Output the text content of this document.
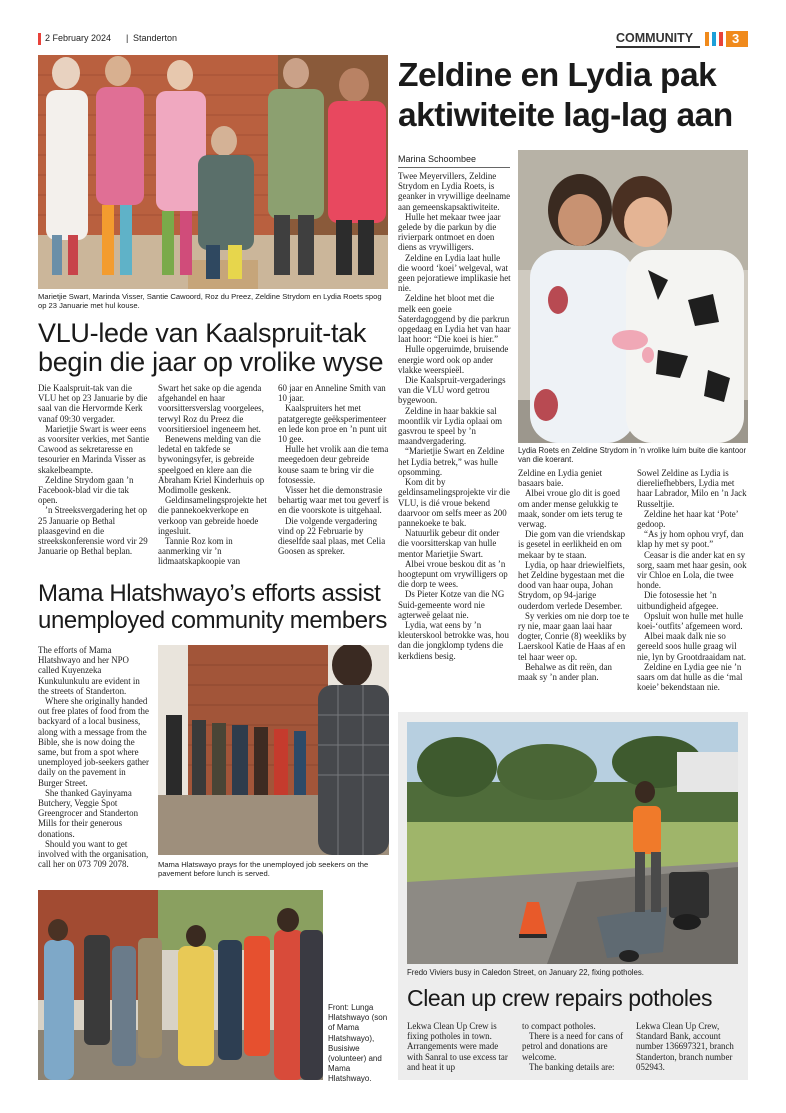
2 February 2024 | Standerton	COMMUNITY	3
Marietjie Swart, Marinda Visser, Santie Cawoord, Roz du Preez, Zeldine Strydom en Lydia Roets spog op 23 Januarie met hul kouse.
VLU-lede van Kaalspruit-tak
begin die jaar op vrolike wyse

Die Kaalspruit-tak van die VLU het op 23 Januarie by die saal van die Hervormde Kerk vanaf 09:30 vergader.

Marietjie Swart is weer eens as voorsiter verkies, met Santie Cawood as sekretaresse en tesourier en Marinda Visser as skakelbeampte.

Zeldine Strydom gaan ’n Facebook-blad vir die tak open.

’n Streeksvergadering het op 25 Januarie op Bethal plaasgevind en die streekskonferensie word vir 29 Januarie op Bethal beplan.

Swart het sake op die agenda afgehandel en haar voorsittersverslag voorgelees, terwyl Roz du Preez die voorsitiersioel ingeneem het.

Benewens melding van die ledetal en takfede se bywoningsyfer, is gebreide speelgoed en klere aan die Abraham Kriel Kinderhuis op Modimolle geskenk.

Geldinsamelingsprojekte het die pannekoekverkope en verkoop van gebreide hoede ingesluit.

Tannie Roz kom in aanmerking vir ’n lidmaatskapkoopie van

60 jaar en Anneline Smith van 10 jaar.

Kaalspruiters het met patatgeregte geëksperimenteer en lede kon proe en ’n punt uit 10 gee.

Hulle het vrolik aan die tema meegedoen deur gebreide kouse saam te bring vir die fotosessie.

Visser het die demonstrasie behartig waar met tou geverf is en die voorskote is uitgehaal.

Die volgende vergadering vind op 22 Februarie by dieselfde saal plaas, met Celia Goosen as spreker.

Mama Hlatshwayo’s efforts assist
unemployed community members

The efforts of Mama Hlatshwayo and her NPO called Kuyenzeka Kunkulunkulu are evident in the streets of Standerton.

Where she originally handed out free plates of food from the backyard of a local business, along with a message from the Bible, she is now doing the same, but from a spot where unemployed job-seekers gather daily on the pavement in Burger Street.

She thanked Gayinyama Butchery, Veggie Spot Greengrocer and Standerton Mills for their generous donations.

Should you want to get involved with the organisation, call her on 073 709 2078.	Mama Hlatswayo prays for the unemployed job seekers on the pavement before lunch is served.
Front: Lunga Hlatshwayo (son of Mama Hlatshwayo), Busisiwe (volunteer) and Mama Hlatshwayo.
Zeldine en Lydia pak
aktiwiteite lag-lag aan
Marina Schoombee

Twee Meyervillers, Zeldine Strydom en Lydia Roets, is geanker in vrywillige deelname aan gemeenskapsaktiwiteite.

Hulle het mekaar twee jaar gelede by die parkun by die rivierpark ontmoet en doen diens as vrywilligers.

Zeldine en Lydia laat hulle die woord ‘koei’ welgeval, wat geen pejoratiewe implikasie het nie.

Zeldine het bloot met die melk een goeie Saterdagoggend by die parkrun opgedaag en Lydia het van haar laat hoor: “Die koei is hier.”

Hulle opgeruimde, bruisende energie word ook op ander vlakke weerspieël.

Die Kaalspruit-vergaderings van die VLU word getrou bygewoon.

Zeldine in haar bakkie sal moontlik vir Lydia oplaai om gasvrou te speel by ’n maandvergadering.

“Marietjie Swart en Zeldine het Lydia betrek,” was hulle opsomming.

Kom dit by geldinsamelingsprojekte vir die VLU, is dié vroue bekend daarvoor om selfs meer as 200 pannekoeke te bak.

Natuurlik gebeur dit onder die voorsitterskap van hulle mentor Marietjie Swart.

Albei vroue beskou dit as ’n hoogtepunt om vrywilligers op die dorp te wees.

Ds Pieter Kotze van die NG Suid-gemeente word nie agterweë gelaat nie.

Lydia, wat eens by ’n kleuterskool betrokke was, hou dan die jongklomp tydens die kerkdiens besig.

Lydia Roets en Zeldine Strydom in ’n vrolike luim buite die kantoor van die koerant.

Zeldine en Lydia geniet basaars baie.

Albei vroue glo dit is goed om ander mense gelukkig te maak, sonder om iets terug te verwag.

Die gom van die vriendskap is gesetel in eerlikheid en om mekaar by te staan.

Lydia, op haar driewielfiets, het Zeldine bygestaan met die dood van haar oupa, Johan Strydom, op 94-jarige ouderdom verlede Desember.

Sy verkies om nie dorp toe te ry nie, maar gaan laai haar dogter, Conrie (8) weekliks by Laerskool Katie de Haas af en tel haar weer op.

Behalwe as dit reën, dan maak sy ’n ander plan.

Sowel Zeldine as Lydia is diereliefhebbers, Lydia met haar Labrador, Milo en ’n Jack Russeltjie.

Zeldine het haar kat ‘Pote’ gedoop.

“As jy hom ophou vryf, dan klap hy met sy poot.”

Ceasar is die ander kat en sy sorg, saam met haar gesin, ook vir Chloe en Lola, die twee honde.

Die fotosessie het ’n uitbundigheid afgegee.

Opsluit won hulle met hulle koei-‘outfits’ afgemeen word.

Albei maak dalk nie so gereeld soos hulle graag wil nie, lyn by Grootdraaidam nat.

Zeldine en Lydia gee nie ’n saars om dat hulle as die ‘mal koeie’ bekendstaan nie.

Fredo Viviers busy in Caledon Street, on January 22, fixing potholes.
Clean up crew repairs potholes

Lekwa Clean Up Crew is fixing potholes in town. Arrangements were made with Sanral to use excess tar and heat it up

to compact potholes.

There is a need for cans of petrol and donations are welcome.

The banking details are:

Lekwa Clean Up Crew, Standard Bank, account number 136697321, branch Standerton, branch number 052943.
